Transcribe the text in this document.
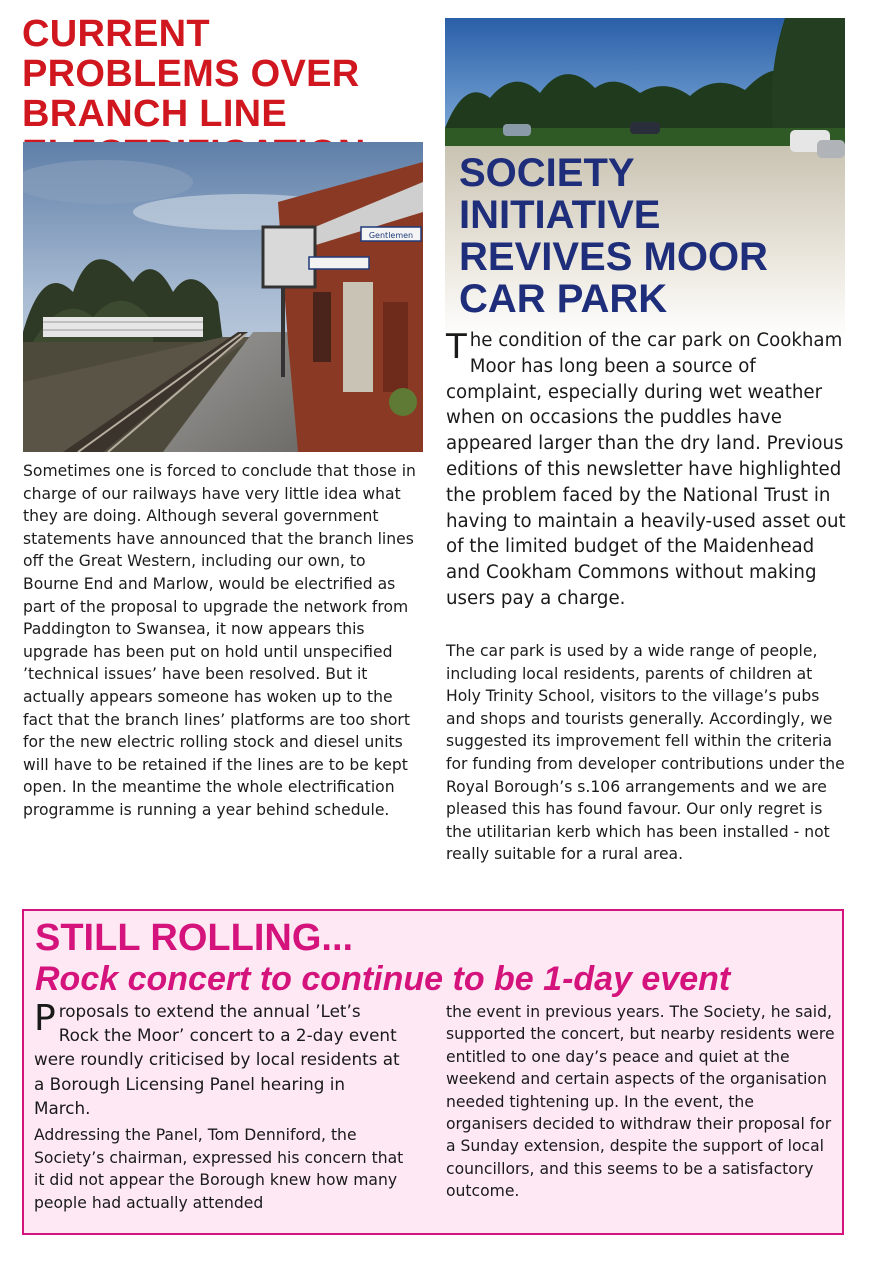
CURRENT PROBLEMS OVER BRANCH LINE
Gentlemen

Sometimes one is forced to conclude that those in charge of our railways have very little idea what they are doing. Although several government statements have announced that the branch lines off the Great Western, including our own, to Bourne End and Marlow, would be electrified as part of the proposal to upgrade the network from Paddington to Swansea, it now appears this upgrade has been put on hold until unspecified ’technical issues’ have been resolved. But it actually appears someone has woken up to the fact that the branch lines’ platforms are too short for the new electric rolling stock and diesel units will have to be retained if the lines are to be kept open. In the meantime the whole electrification programme is running a year behind schedule.

SOCIETY INITIATIVE REVIVES MOOR CAR PARK

The condition of the car park on Cookham Moor has long been a source of complaint, especially during wet weather when on occasions the puddles have appeared larger than the dry land. Previous editions of this newsletter have highlighted the problem faced by the National Trust in having to maintain a heavily-used asset out of the limited budget of the Maidenhead and Cookham Commons without making users pay a charge.

The car park is used by a wide range of people, including local residents, parents of children at Holy Trinity School, visitors to the village’s pubs and shops and tourists generally. Accordingly, we suggested its improvement fell within the criteria for funding from developer contributions under the Royal Borough’s s.106 arrangements and we are pleased this has found favour. Our only regret is the utilitarian kerb which has been installed - not really suitable for a rural area.

STILL ROLLING...
Rock concert to continue to be 1-day event

Proposals to extend the annual ’Let’s Rock the Moor’ concert to a 2-day event were roundly criticised by local residents at a Borough Licensing Panel hearing in March.

Addressing the Panel, Tom Denniford, the Society’s chairman, expressed his concern that it did not appear the Borough knew how many people had actually attended

the event in previous years. The Society, he said, supported the concert, but nearby residents were entitled to one day’s peace and quiet at the weekend and certain aspects of the organisation needed tightening up. In the event, the organisers decided to withdraw their proposal for a Sunday extension, despite the support of local councillors, and this seems to be a satisfactory outcome.
